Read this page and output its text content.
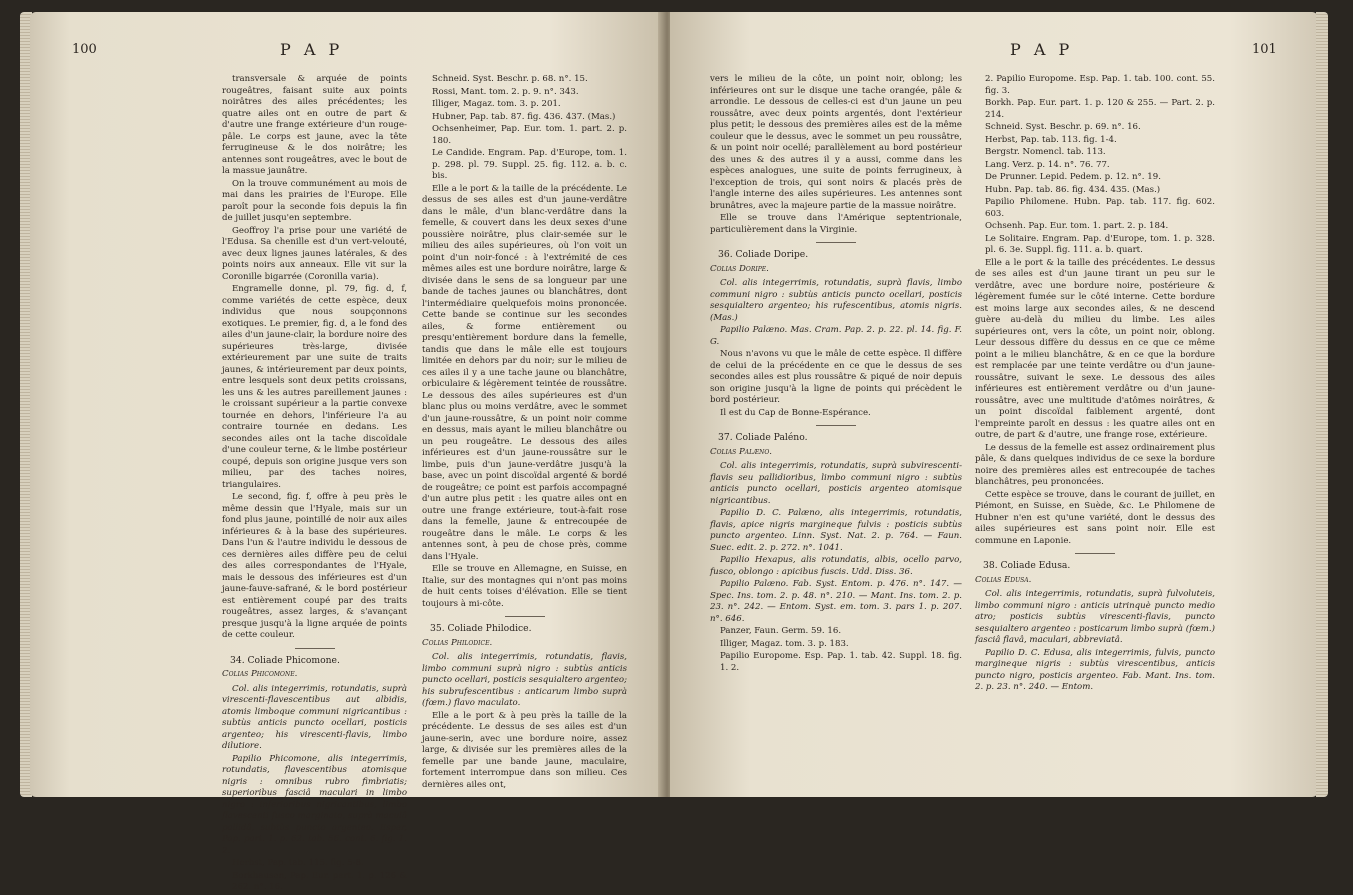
100	P A P

transversale & arquée de points rougeâtres, faisant suite aux points noirâtres des ailes précédentes; les quatre ailes ont en outre de part & d'autre une frange extérieure d'un rouge-pâle. Le corps est jaune, avec la tête ferrugineuse & le dos noirâtre; les antennes sont rougeâtres, avec le bout de la massue jaunâtre.

On la trouve communément au mois de mai dans les prairies de l'Europe. Elle paroît pour la seconde fois depuis la fin de juillet jusqu'en septembre.

Geoffroy l'a prise pour une variété de l'Edusa. Sa chenille est d'un vert-velouté, avec deux lignes jaunes latérales, & des points noirs aux anneaux. Elle vit sur la Coronille bigarrée (Coronilla varia).

Engramelle donne, pl. 79, fig. d, f, comme variétés de cette espèce, deux individus que nous soupçonnons exotiques. Le premier, fig. d, a le fond des ailes d'un jaune-clair, la bordure noire des supérieures très-large, divisée extérieurement par une suite de traits jaunes, & intérieurement par deux points, entre lesquels sont deux petits croissans, les uns & les autres pareillement jaunes : le croissant supérieur a la partie convexe tournée en dehors, l'inférieure l'a au contraire tournée en dedans. Les secondes ailes ont la tache discoïdale d'une couleur terne, & le limbe postérieur coupé, depuis son origine jusque vers son milieu, par des taches noires, triangulaires.

Le second, fig. f, offre à peu près le même dessin que l'Hyale, mais sur un fond plus jaune, pointillé de noir aux ailes inférieures & à la base des supérieures. Dans l'un & l'autre individu le dessous de ces dernières ailes diffère peu de celui des ailes correspondantes de l'Hyale, mais le dessous des inférieures est d'un jaune-fauve-safrané, & le bord postérieur est entièrement coupé par des traits rougeâtres, assez larges, & s'avançant presque jusqu'à la ligne arquée de points de cette couleur.

34. Coliade Phicomone.

Colias Phicomone.

Col. alis integerrimis, rotundatis, suprà virescenti-flavescentibus aut albidis, atomis limboque communi nigricantibus : subtùs anticis puncto ocellari, posticis argenteo; his virescenti-flavis, limbo dilutiore.

Papilio Phicomone, alis integerrimis, rotundatis, flavescentibus atomisque nigris : omnibus rubro fimbriatis; superioribus fasciâ maculari in limbo nigro : inferioribus nigricantibus, limbo flavescenti fusco marginato, suprà maculâ pallidâ, subtùs puncto argenteo. Esper, Pap. part. 1. p. 62. tab. 56. cont. 6. fig. 1. 2.

Herbst, Pap. tab. 115. fig. 5-8.

Borkhausen, Pap. Eur. part. 1. p. 126 & 262. n°. 16.

Schneid. Syst. Beschr. p. 68. n°. 15.

Rossi, Mant. tom. 2. p. 9. n°. 343.

Illiger, Magaz. tom. 3. p. 201.

Hubner, Pap. tab. 87. fig. 436. 437. (Mas.)

Ochsenheimer, Pap. Eur. tom. 1. part. 2. p. 180.

Le Candide. Engram. Pap. d'Europe, tom. 1. p. 298. pl. 79. Suppl. 25. fig. 112. a. b. c. bis.

Elle a le port & la taille de la précédente. Le dessus de ses ailes est d'un jaune-verdâtre dans le mâle, d'un blanc-verdâtre dans la femelle, & couvert dans les deux sexes d'une poussière noirâtre, plus clair-semée sur le milieu des ailes supérieures, où l'on voit un point d'un noir-foncé : à l'extrémité de ces mêmes ailes est une bordure noirâtre, large & divisée dans le sens de sa longueur par une bande de taches jaunes ou blanchâtres, dont l'intermédiaire quelquefois moins prononcée. Cette bande se continue sur les secondes ailes, & forme entièrement ou presqu'entièrement bordure dans la femelle, tandis que dans le mâle elle est toujours limitée en dehors par du noir; sur le milieu de ces ailes il y a une tache jaune ou blanchâtre, orbiculaire & légèrement teintée de roussâtre. Le dessous des ailes supérieures est d'un blanc plus ou moins verdâtre, avec le sommet d'un jaune-roussâtre, & un point noir comme en dessus, mais ayant le milieu blanchâtre ou un peu rougeâtre. Le dessous des ailes inférieures est d'un jaune-roussâtre sur le limbe, puis d'un jaune-verdâtre jusqu'à la base, avec un point discoïdal argenté & bordé de rougeâtre; ce point est parfois accompagné d'un autre plus petit : les quatre ailes ont en outre une frange extérieure, tout-à-fait rose dans la femelle, jaune & entrecoupée de rougeâtre dans le mâle. Le corps & les antennes sont, à peu de chose près, comme dans l'Hyale.

Elle se trouve en Allemagne, en Suisse, en Italie, sur des montagnes qui n'ont pas moins de huit cents toises d'élévation. Elle se tient toujours à mi-côte.

35. Coliade Philodice.

Colias Philodice.

Col. alis integerrimis, rotundatis, flavis, limbo communi suprà nigro : subtùs anticis puncto ocellari, posticis sesquialtero argenteo; his subrufescentibus : anticarum limbo suprà (fœm.) flavo maculato.

Elle a le port & à peu près la taille de la précédente. Le dessus de ses ailes est d'un jaune-serin, avec une bordure noire, assez large, & divisée sur les premières ailes de la femelle par une bande jaune, maculaire, fortement interrompue dans son milieu. Ces dernières ailes ont,

P A P	101

vers le milieu de la côte, un point noir, oblong; les inférieures ont sur le disque une tache orangée, pâle & arrondie. Le dessous de celles-ci est d'un jaune un peu roussâtre, avec deux points argentés, dont l'extérieur plus petit; le dessous des premières ailes est de la même couleur que le dessus, avec le sommet un peu roussâtre, & un point noir ocellé; parallèlement au bord postérieur des unes & des autres il y a aussi, comme dans les espèces analogues, une suite de points ferrugineux, à l'exception de trois, qui sont noirs & placés près de l'angle interne des ailes supérieures. Les antennes sont brunâtres, avec la majeure partie de la massue noirâtre.

Elle se trouve dans l'Amérique septentrionale, particulièrement dans la Virginie.

36. Coliade Doripe.

Colias Doripe.

Col. alis integerrimis, rotundatis, suprà flavis, limbo communi nigro : subtùs anticis puncto ocellari, posticis sesquialtero argenteo; his rufescentibus, atomis nigris. (Mas.)

Papilio Palæno. Mas. Cram. Pap. 2. p. 22. pl. 14. fig. F. G.

Nous n'avons vu que le mâle de cette espèce. Il diffère de celui de la précédente en ce que le dessus de ses secondes ailes est plus roussâtre & piqué de noir depuis son origine jusqu'à la ligne de points qui précèdent le bord postérieur.

Il est du Cap de Bonne-Espérance.

37. Coliade Paléno.

Colias Palæno.

Col. alis integerrimis, rotundatis, suprà subvirescenti-flavis seu pallidioribus, limbo communi nigro : subtùs anticis puncto ocellari, posticis argenteo atomisque nigricantibus.

Papilio D. C. Palæno, alis integerrimis, rotundatis, flavis, apice nigris margineque fulvis : posticis subtùs puncto argenteo. Linn. Syst. Nat. 2. p. 764. — Faun. Suec. edit. 2. p. 272. n°. 1041.

Papilio Hexapus, alis rotundatis, albis, ocello parvo, fusco, oblongo : apicibus fuscis. Udd. Diss. 36.

Papilio Palæno. Fab. Syst. Entom. p. 476. n°. 147. — Spec. Ins. tom. 2. p. 48. n°. 210. — Mant. Ins. tom. 2. p. 23. n°. 242. — Entom. Syst. em. tom. 3. pars 1. p. 207. n°. 646.

Panzer, Faun. Germ. 59. 16.

Illiger, Magaz. tom. 3. p. 183.

Papilio Europome. Esp. Pap. 1. tab. 42. Suppl. 18. fig. 1. 2.

2. Papilio Europome. Esp. Pap. 1. tab. 100. cont. 55. fig. 3.

Borkh. Pap. Eur. part. 1. p. 120 & 255. — Part. 2. p. 214.

Schneid. Syst. Beschr. p. 69. n°. 16.

Herbst, Pap. tab. 113. fig. 1-4.

Bergstr. Nomencl. tab. 113.

Lang. Verz. p. 14. n°. 76. 77.

De Prunner. Lepid. Pedem. p. 12. n°. 19.

Hubn. Pap. tab. 86. fig. 434. 435. (Mas.)

Papilio Philomene. Hubn. Pap. tab. 117. fig. 602. 603.

Ochsenh. Pap. Eur. tom. 1. part. 2. p. 184.

Le Solitaire. Engram. Pap. d'Europe, tom. 1. p. 328. pl. 6. 3e. Suppl. fig. 111. a. b. quart.

Elle a le port & la taille des précédentes. Le dessus de ses ailes est d'un jaune tirant un peu sur le verdâtre, avec une bordure noire, postérieure & légèrement fumée sur le côté interne. Cette bordure est moins large aux secondes ailes, & ne descend guère au-delà du milieu du limbe. Les ailes supérieures ont, vers la côte, un point noir, oblong. Leur dessous diffère du dessus en ce que ce même point a le milieu blanchâtre, & en ce que la bordure est remplacée par une teinte verdâtre ou d'un jaune-roussâtre, suivant le sexe. Le dessous des ailes inférieures est entièrement verdâtre ou d'un jaune-roussâtre, avec une multitude d'atômes noirâtres, & un point discoïdal faiblement argenté, dont l'empreinte paroît en dessus : les quatre ailes ont en outre, de part & d'autre, une frange rose, extérieure.

Le dessus de la femelle est assez ordinairement plus pâle, & dans quelques individus de ce sexe la bordure noire des premières ailes est entrecoupée de taches blanchâtres, peu prononcées.

Cette espèce se trouve, dans le courant de juillet, en Piémont, en Suisse, en Suède, &c. Le Philomene de Hubner n'en est qu'une variété, dont le dessus des ailes supérieures est sans point noir. Elle est commune en Laponie.

38. Coliade Edusa.

Colias Edusa.

Col. alis integerrimis, rotundatis, suprà fulvoluteis, limbo communi nigro : anticis utrinquè puncto medio atro; posticis subtùs virescenti-flavis, puncto sesquialtero argenteo : posticarum limbo suprà (fœm.) fasciâ flavâ, maculari, abbreviatâ.

Papilio D. C. Edusa, alis integerrimis, fulvis, puncto margineque nigris : subtùs virescentibus, anticis puncto nigro, posticis argenteo. Fab. Mant. Ins. tom. 2. p. 23. n°. 240. — Entom.
